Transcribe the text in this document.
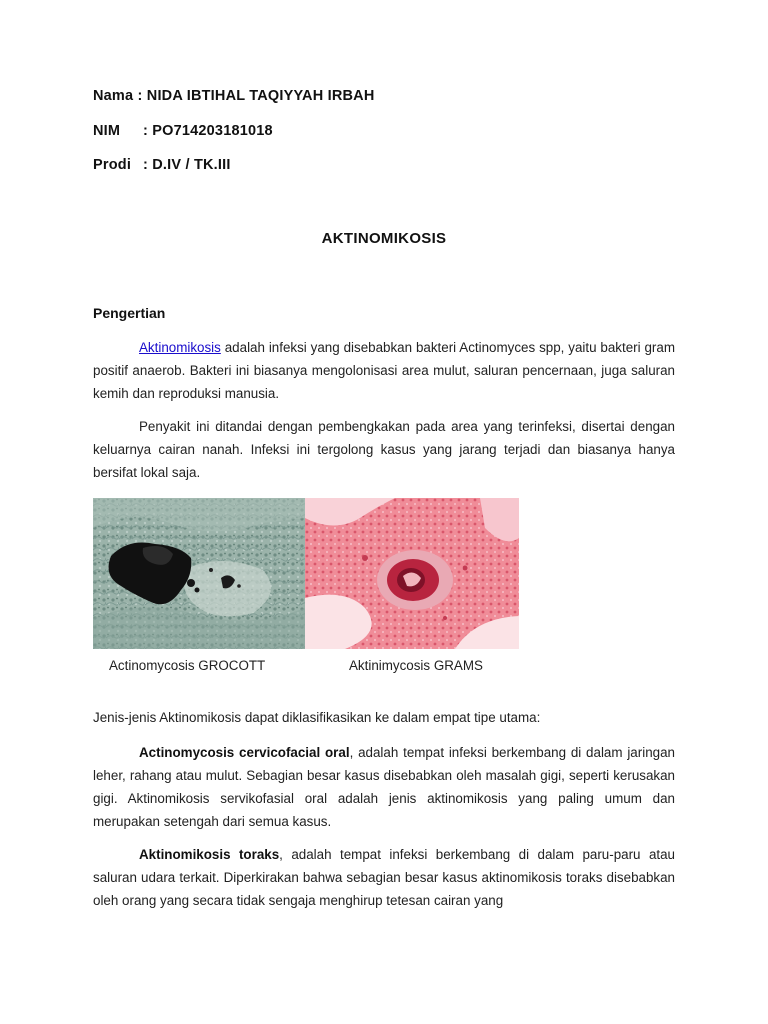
Nama : NIDA IBTIHAL TAQIYYAH IRBAH
NIM : PO714203181018
Prodi : D.IV / TK.III
AKTINOMIKOSIS
Pengertian
Aktinomikosis adalah infeksi yang disebabkan bakteri Actinomyces spp, yaitu bakteri gram positif anaerob. Bakteri ini biasanya mengolonisasi area mulut, saluran pencernaan, juga saluran kemih dan reproduksi manusia.
Penyakit ini ditandai dengan pembengkakan pada area yang terinfeksi, disertai dengan keluarnya cairan nanah. Infeksi ini tergolong kasus yang jarang terjadi dan biasanya hanya bersifat lokal saja.
Actinomycosis GROCOTT	Aktinimycosis GRAMS
Jenis-jenis Aktinomikosis dapat diklasifikasikan ke dalam empat tipe utama:
Actinomycosis cervicofacial oral, adalah tempat infeksi berkembang di dalam jaringan leher, rahang atau mulut. Sebagian besar kasus disebabkan oleh masalah gigi, seperti kerusakan gigi. Aktinomikosis servikofasial oral adalah jenis aktinomikosis yang paling umum dan merupakan setengah dari semua kasus.
Aktinomikosis toraks, adalah tempat infeksi berkembang di dalam paru-paru atau saluran udara terkait. Diperkirakan bahwa sebagian besar kasus aktinomikosis toraks disebabkan oleh orang yang secara tidak sengaja menghirup tetesan cairan yang
